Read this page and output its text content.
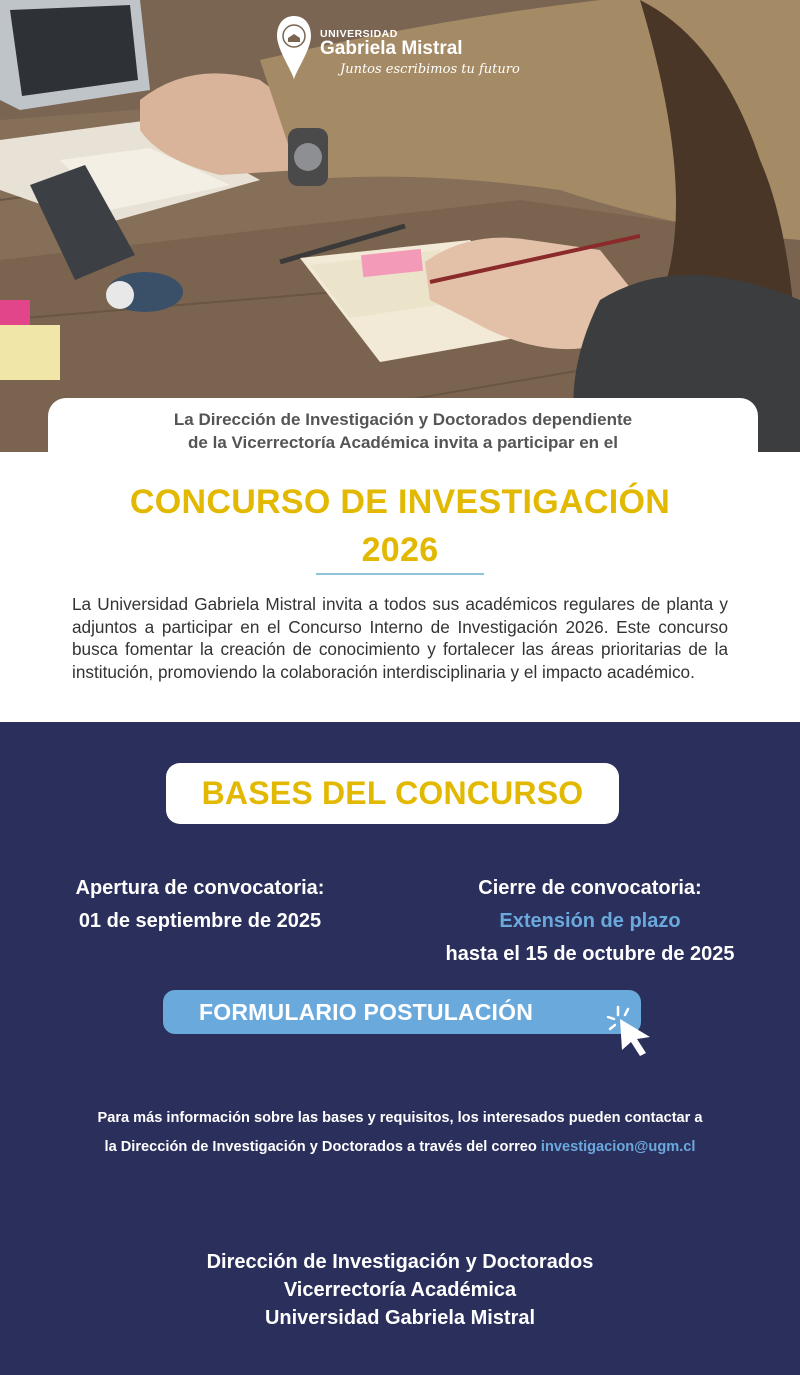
UNIVERSIDAD
Gabriela Mistral
Juntos escribimos tu futuro
La Dirección de Investigación y Doctorados dependiente
de la Vicerrectoría Académica invita a participar en el
CONCURSO DE INVESTIGACIÓN
2026

La Universidad Gabriela Mistral invita a todos sus académicos regulares de planta y adjuntos a participar en el Concurso Interno de Investigación 2026. Este concurso busca fomentar la creación de conocimiento y fortalecer las áreas prioritarias de la institución, promoviendo la colaboración interdisciplinaria y el impacto académico.

BASES DEL CONCURSO
Apertura de convocatoria:
01 de septiembre de 2025
Cierre de convocatoria:
Extensión de plazo
hasta el 15 de octubre de 2025
FORMULARIO POSTULACIÓN
Para más información sobre las bases y requisitos, los interesados pueden contactar a
la Dirección de Investigación y Doctorados a través del correo investigacion@ugm.cl
Dirección de Investigación y Doctorados
Vicerrectoría Académica
Universidad Gabriela Mistral
